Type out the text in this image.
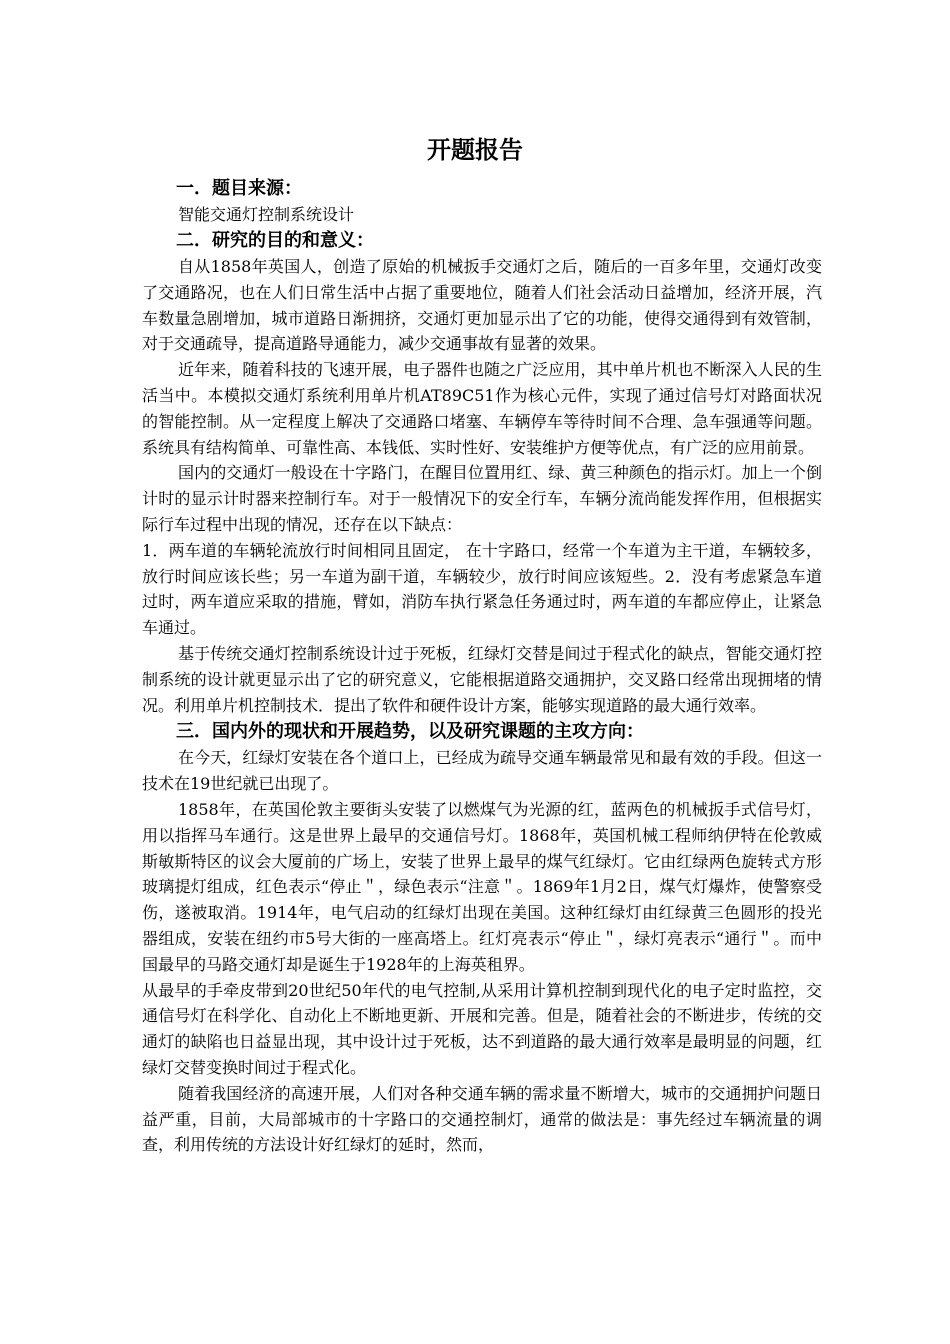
开题报告
一．题目来源：
智能交通灯控制系统设计
二．研究的目的和意义：

自从1858年英国人，创造了原始的机械扳手交通灯之后，随后的一百多年里，交通灯改变了交通路况，也在人们日常生活中占据了重要地位，随着人们社会活动日益增加，经济开展，汽车数量急剧增加，城市道路日渐拥挤，交通灯更加显示出了它的功能，使得交通得到有效管制，对于交通疏导，提高道路导通能力，减少交通事故有显著的效果。

近年来，随着科技的飞速开展，电子器件也随之广泛应用，其中单片机也不断深入人民的生活当中。本模拟交通灯系统利用单片机AT89C51作为核心元件，实现了通过信号灯对路面状况的智能控制。从一定程度上解决了交通路口堵塞、车辆停车等待时间不合理、急车强通等问题。系统具有结构简单、可靠性高、本钱低、实时性好、安装维护方便等优点，有广泛的应用前景。

国内的交通灯一般设在十字路门，在醒目位置用红、绿、黄三种颜色的指示灯。加上一个倒计时的显示计时器来控制行车。对于一般情况下的安全行车，车辆分流尚能发挥作用，但根据实际行车过程中出现的情况，还存在以下缺点：

1．两车道的车辆轮流放行时间相同且固定， 在十字路口，经常一个车道为主干道，车辆较多，放行时间应该长些；另一车道为副干道，车辆较少，放行时间应该短些。2．没有考虑紧急车道过时，两车道应采取的措施，臂如，消防车执行紧急任务通过时，两车道的车都应停止，让紧急车通过。

基于传统交通灯控制系统设计过于死板，红绿灯交替是间过于程式化的缺点，智能交通灯控制系统的设计就更显示出了它的研究意义，它能根据道路交通拥护，交叉路口经常出现拥堵的情况。利用单片机控制技术．提出了软件和硬件设计方案，能够实现道路的最大通行效率。

三．国内外的现状和开展趋势，以及研究课题的主攻方向：

在今天，红绿灯安装在各个道口上，已经成为疏导交通车辆最常见和最有效的手段。但这一技术在19世纪就已出现了。

1858年，在英国伦敦主要街头安装了以燃煤气为光源的红，蓝两色的机械扳手式信号灯，用以指挥马车通行。这是世界上最早的交通信号灯。1868年，英国机械工程师纳伊特在伦敦威斯敏斯特区的议会大厦前的广场上，安装了世界上最早的煤气红绿灯。它由红绿两色旋转式方形玻璃提灯组成，红色表示“停止＂，绿色表示“注意＂。1869年1月2日，煤气灯爆炸，使警察受伤，遂被取消。1914年，电气启动的红绿灯出现在美国。这种红绿灯由红绿黄三色圆形的投光器组成，安装在纽约市5号大街的一座高塔上。红灯亮表示“停止＂，绿灯亮表示“通行＂。而中国最早的马路交通灯却是诞生于1928年的上海英租界。

从最早的手牵皮带到20世纪50年代的电气控制,从采用计算机控制到现代化的电子定时监控，交通信号灯在科学化、自动化上不断地更新、开展和完善。但是，随着社会的不断进步，传统的交通灯的缺陷也日益显出现，其中设计过于死板，达不到道路的最大通行效率是最明显的问题，红绿灯交替变换时间过于程式化。

随着我国经济的高速开展，人们对各种交通车辆的需求量不断增大，城市的交通拥护问题日益严重，目前，大局部城市的十字路口的交通控制灯，通常的做法是：事先经过车辆流量的调查，利用传统的方法设计好红绿灯的延时，然而，
